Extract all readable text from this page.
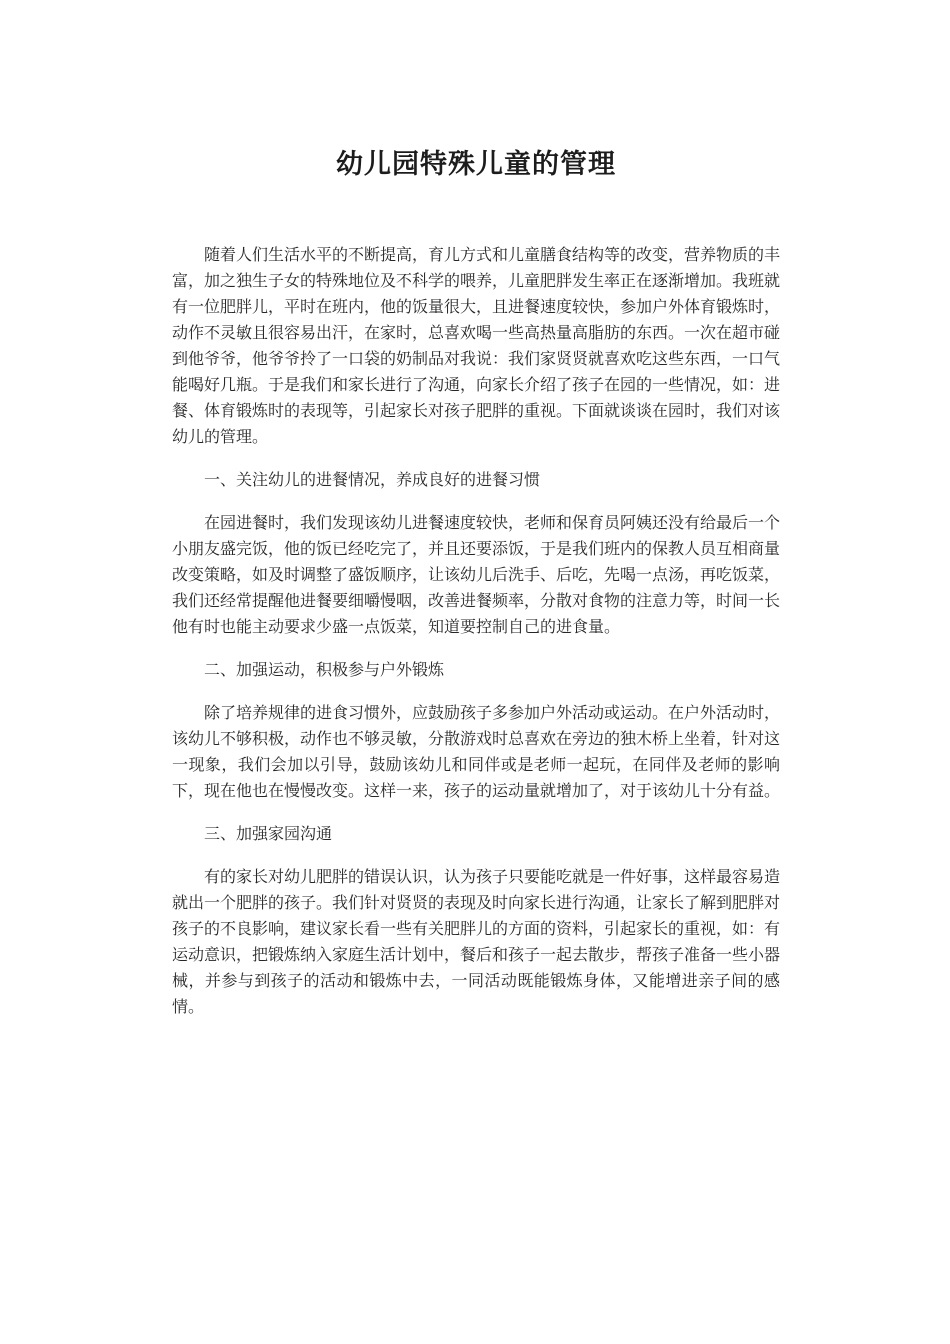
幼儿园特殊儿童的管理

随着人们生活水平的不断提高，育儿方式和儿童膳食结构等的改变，营养物质的丰富，加之独生子女的特殊地位及不科学的喂养，儿童肥胖发生率正在逐渐增加。我班就有一位肥胖儿，平时在班内，他的饭量很大，且进餐速度较快，参加户外体育锻炼时，动作不灵敏且很容易出汗，在家时，总喜欢喝一些高热量高脂肪的东西。一次在超市碰到他爷爷，他爷爷拎了一口袋的奶制品对我说：我们家贤贤就喜欢吃这些东西，一口气能喝好几瓶。于是我们和家长进行了沟通，向家长介绍了孩子在园的一些情况，如：进餐、体育锻炼时的表现等，引起家长对孩子肥胖的重视。下面就谈谈在园时，我们对该幼儿的管理。

一、关注幼儿的进餐情况，养成良好的进餐习惯

在园进餐时，我们发现该幼儿进餐速度较快，老师和保育员阿姨还没有给最后一个小朋友盛完饭，他的饭已经吃完了，并且还要添饭，于是我们班内的保教人员互相商量改变策略，如及时调整了盛饭顺序，让该幼儿后洗手、后吃，先喝一点汤，再吃饭菜，我们还经常提醒他进餐要细嚼慢咽，改善进餐频率，分散对食物的注意力等，时间一长他有时也能主动要求少盛一点饭菜，知道要控制自己的进食量。

二、加强运动，积极参与户外锻炼

除了培养规律的进食习惯外，应鼓励孩子多参加户外活动或运动。在户外活动时，该幼儿不够积极，动作也不够灵敏，分散游戏时总喜欢在旁边的独木桥上坐着，针对这一现象，我们会加以引导，鼓励该幼儿和同伴或是老师一起玩，在同伴及老师的影响下，现在他也在慢慢改变。这样一来，孩子的运动量就增加了，对于该幼儿十分有益。

三、加强家园沟通

有的家长对幼儿肥胖的错误认识，认为孩子只要能吃就是一件好事，这样最容易造就出一个肥胖的孩子。我们针对贤贤的表现及时向家长进行沟通，让家长了解到肥胖对孩子的不良影响，建议家长看一些有关肥胖儿的方面的资料，引起家长的重视，如：有运动意识，把锻炼纳入家庭生活计划中，餐后和孩子一起去散步，帮孩子准备一些小器械，并参与到孩子的活动和锻炼中去，一同活动既能锻炼身体，又能增进亲子间的感情。
